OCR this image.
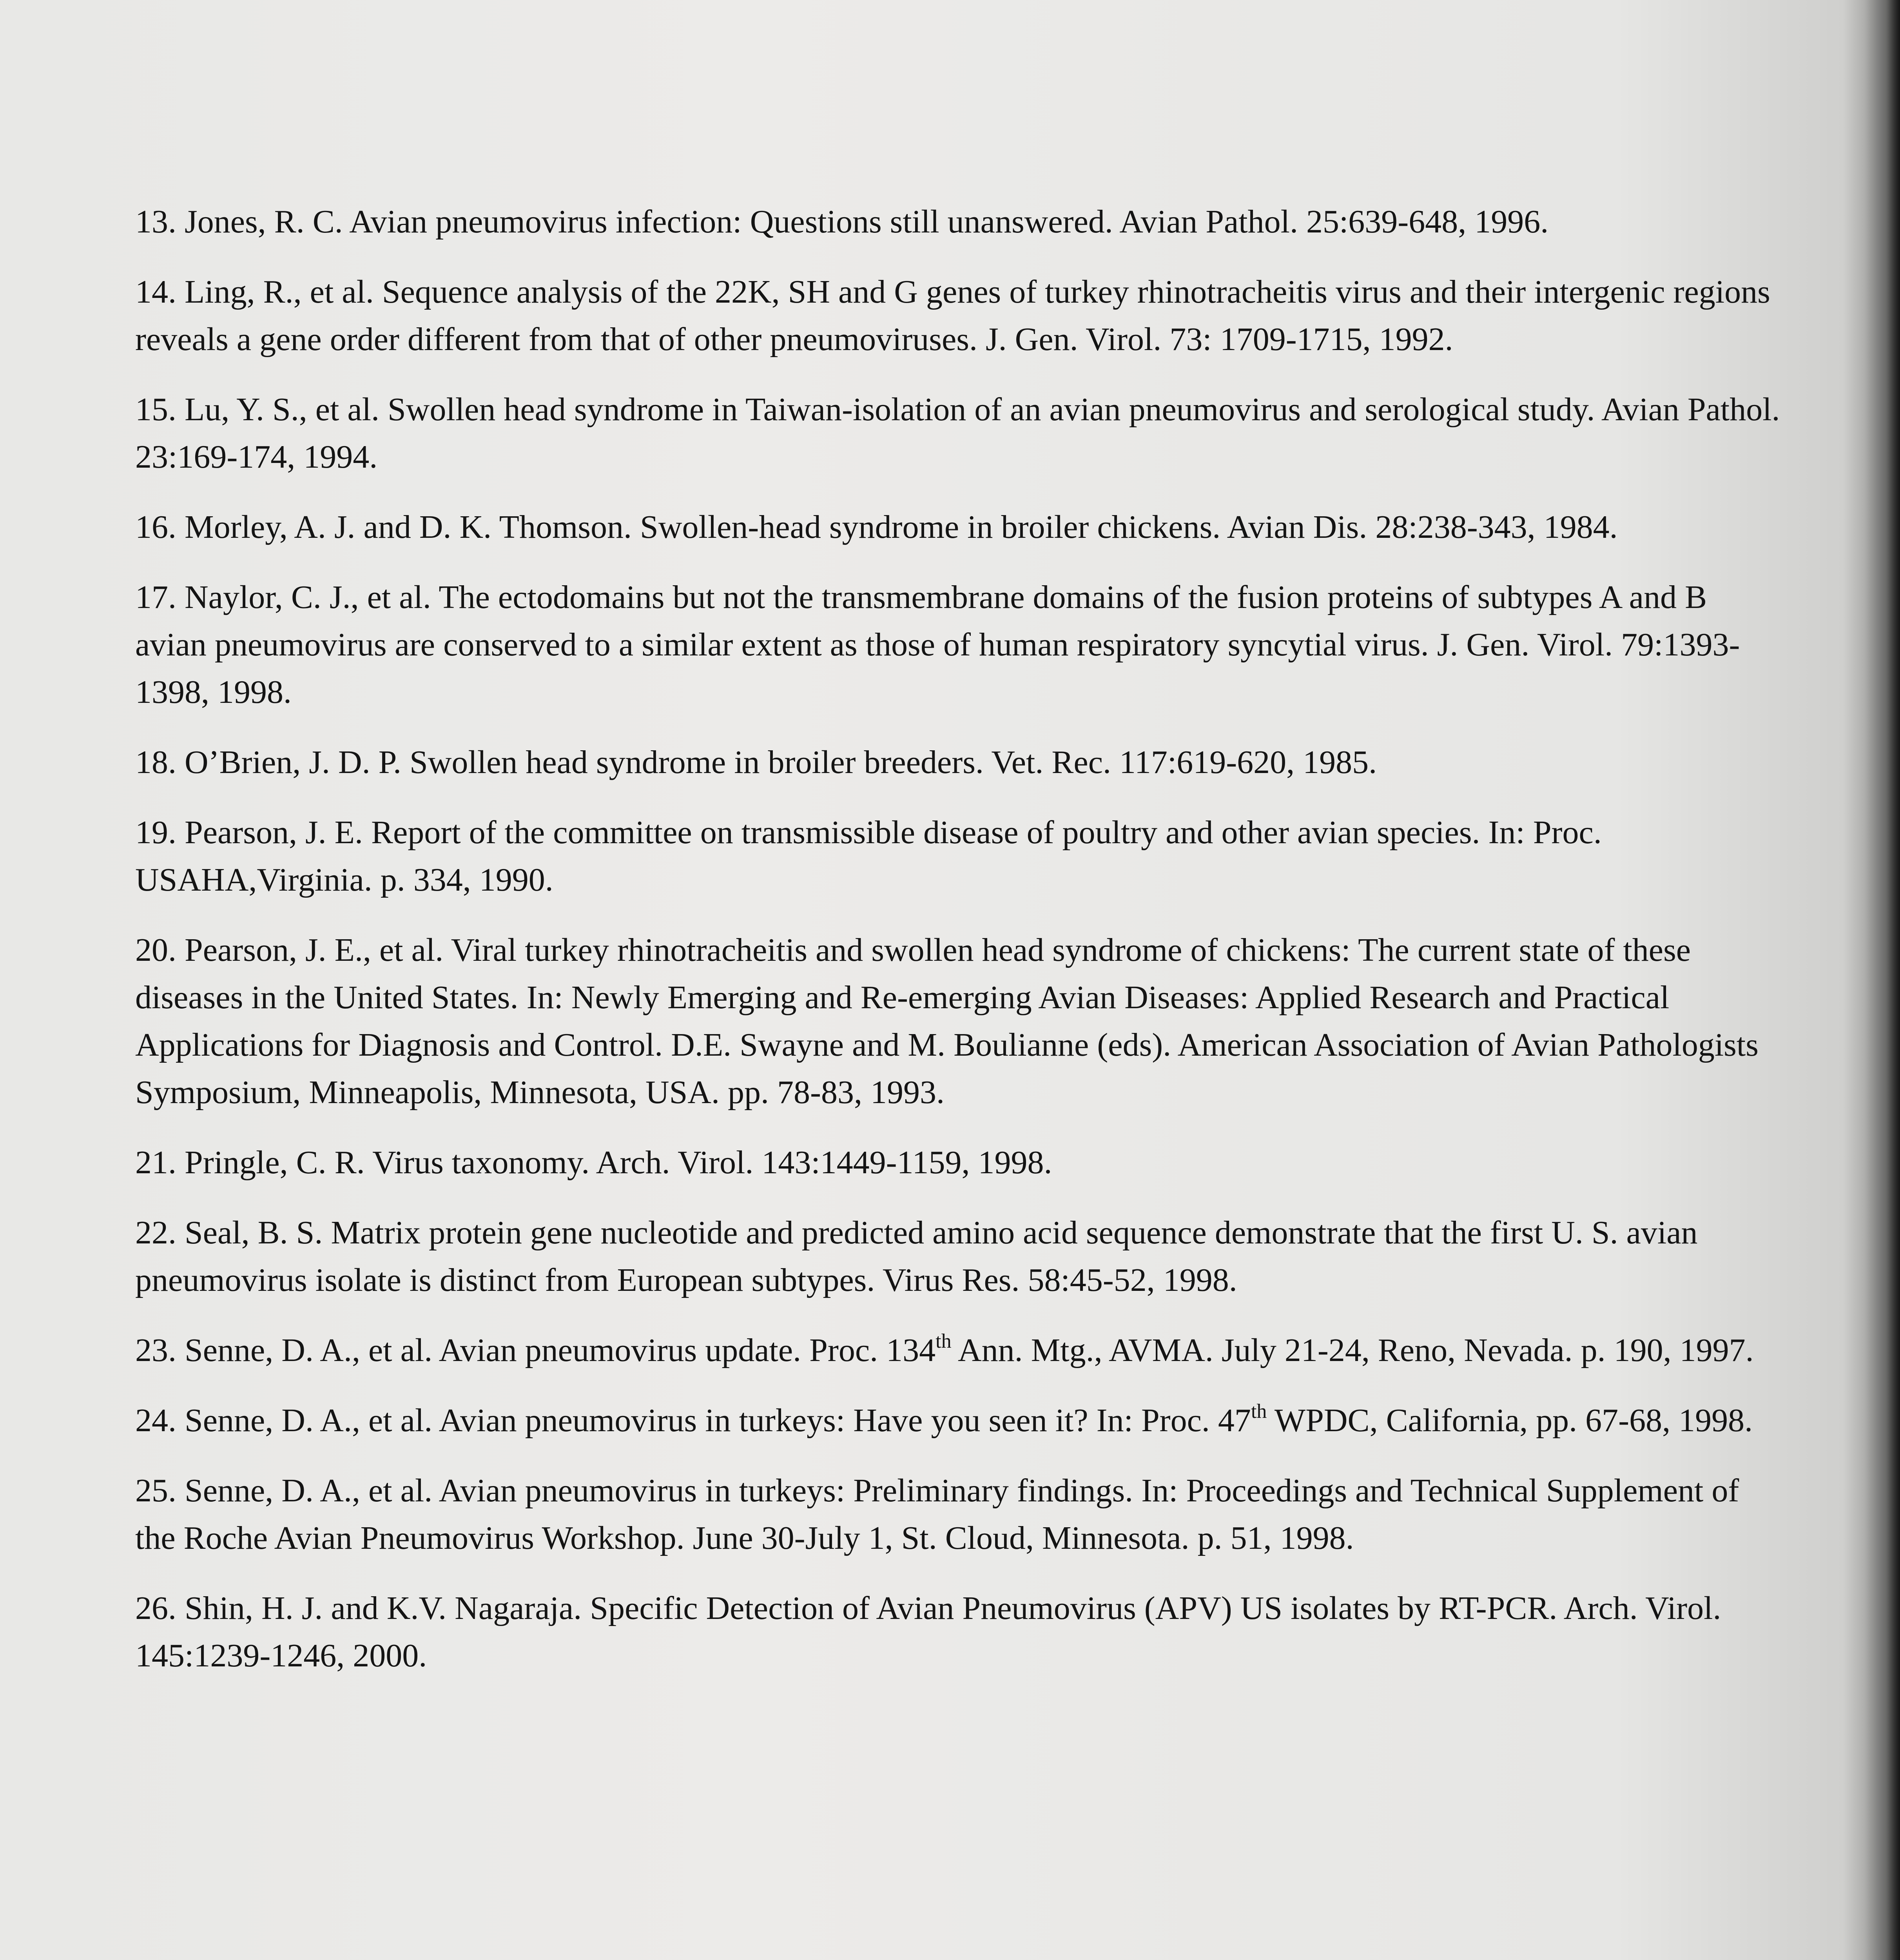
13. Jones, R. C. Avian pneumovirus infection: Questions still unanswered. Avian Pathol. 25:639-648, 1996.

14. Ling, R., et al. Sequence analysis of the 22K, SH and G genes of turkey rhinotracheitis virus and their intergenic regions reveals a gene order different from that of other pneumoviruses. J. Gen. Virol. 73: 1709-1715, 1992.

15. Lu, Y. S., et al. Swollen head syndrome in Taiwan-isolation of an avian pneumovirus and serological study. Avian Pathol. 23:169-174, 1994.

16. Morley, A. J. and D. K. Thomson. Swollen-head syndrome in broiler chickens. Avian Dis. 28:238-343, 1984.

17. Naylor, C. J., et al. The ectodomains but not the transmembrane domains of the fusion proteins of subtypes A and B avian pneumovirus are conserved to a similar extent as those of human respiratory syncytial virus. J. Gen. Virol. 79:1393-1398, 1998.

18. O’Brien, J. D. P. Swollen head syndrome in broiler breeders. Vet. Rec. 117:619-620, 1985.

19. Pearson, J. E. Report of the committee on transmissible disease of poultry and other avian species. In: Proc. USAHA,Virginia. p. 334, 1990.

20. Pearson, J. E., et al. Viral turkey rhinotracheitis and swollen head syndrome of chickens: The current state of these diseases in the United States. In: Newly Emerging and Re-emerging Avian Diseases: Applied Research and Practical Applications for Diagnosis and Control. D.E. Swayne and M. Boulianne (eds). American Association of Avian Pathologists Symposium, Minneapolis, Minnesota, USA. pp. 78-83, 1993.

21. Pringle, C. R. Virus taxonomy. Arch. Virol. 143:1449-1159, 1998.

22. Seal, B. S. Matrix protein gene nucleotide and predicted amino acid sequence demonstrate that the first U. S. avian pneumovirus isolate is distinct from European subtypes. Virus Res. 58:45-52, 1998.

23. Senne, D. A., et al. Avian pneumovirus update. Proc. 134th Ann. Mtg., AVMA. July 21-24, Reno, Nevada. p. 190, 1997.

24. Senne, D. A., et al. Avian pneumovirus in turkeys: Have you seen it? In: Proc. 47th WPDC, California, pp. 67-68, 1998.

25. Senne, D. A., et al. Avian pneumovirus in turkeys: Preliminary findings. In: Proceedings and Technical Supplement of the Roche Avian Pneumovirus Workshop. June 30-July 1, St. Cloud, Minnesota. p. 51, 1998.

26. Shin, H. J. and K.V. Nagaraja. Specific Detection of Avian Pneumovirus (APV) US isolates by RT-PCR. Arch. Virol. 145:1239-1246, 2000.
